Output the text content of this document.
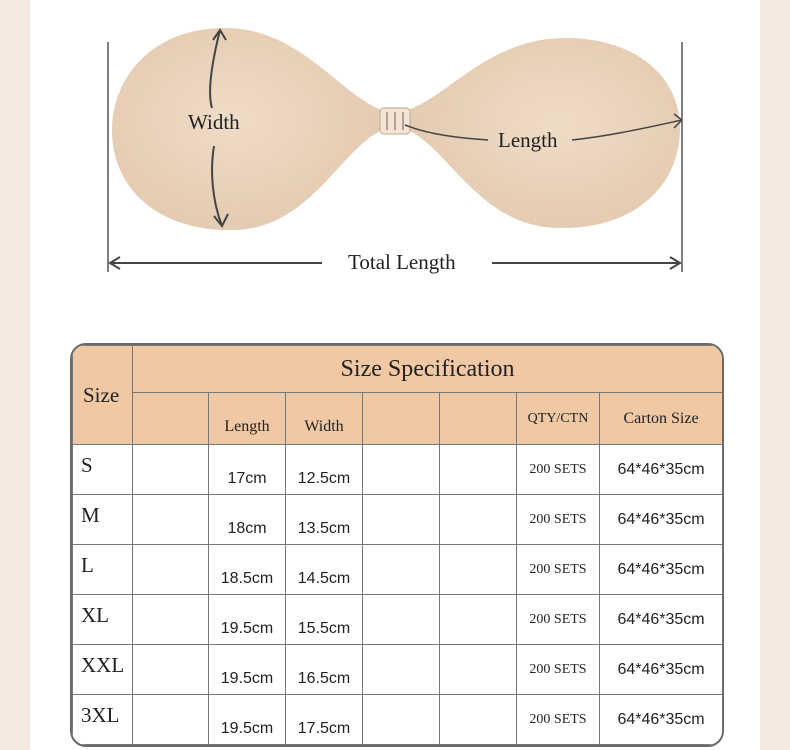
Width
Length
Total Length
Size	Size Specification						
		Length	Width			QTY/CTN	Carton Size
S		17cm	12.5cm			200 SETS	64*46*35cm
M		18cm	13.5cm			200 SETS	64*46*35cm
L		18.5cm	14.5cm			200 SETS	64*46*35cm
XL		19.5cm	15.5cm			200 SETS	64*46*35cm
XXL		19.5cm	16.5cm			200 SETS	64*46*35cm
3XL		19.5cm	17.5cm			200 SETS	64*46*35cm
